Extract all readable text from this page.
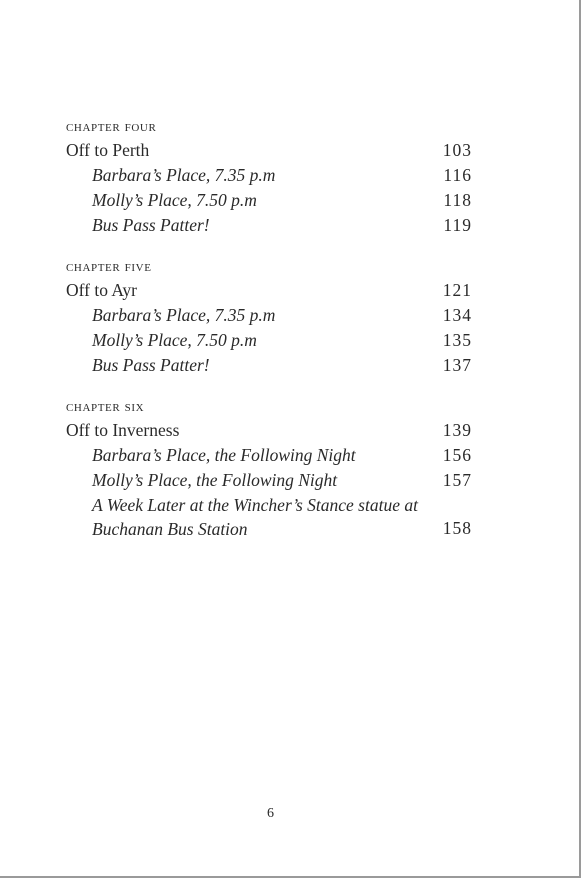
chapter four
Off to Perth	103
Barbara’s Place, 7.35 p.m	116
Molly’s Place, 7.50 p.m	118
Bus Pass Patter!	119
chapter five
Off to Ayr	121
Barbara’s Place, 7.35 p.m	134
Molly’s Place, 7.50 p.m	135
Bus Pass Patter!	137
chapter six
Off to Inverness	139
Barbara’s Place, the Following Night	156
Molly’s Place, the Following Night	157
A Week Later at the Wincher’s Stance statue at
Buchanan Bus Station	158
6
